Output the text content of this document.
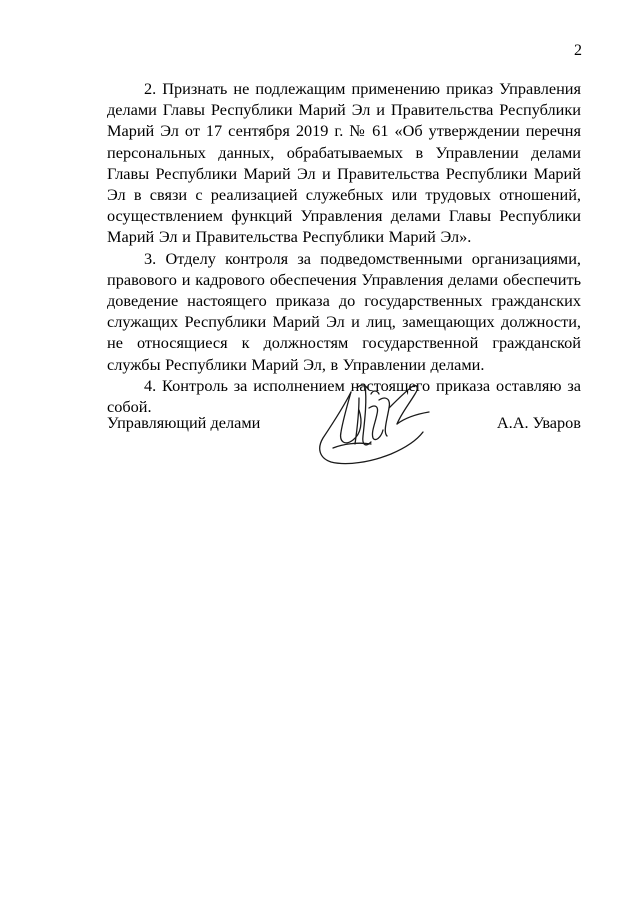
2

2. Признать не подлежащим применению приказ Управления делами Главы Республики Марий Эл и Правительства Республики Марий Эл от 17 сентября 2019 г. № 61 «Об утверждении перечня персональных данных, обрабатываемых в Управлении делами Главы Республики Марий Эл и Правительства Республики Марий Эл в связи с реализацией служебных или трудовых отношений, осуществлением функций Управления делами Главы Республики Марий Эл и Правительства Республики Марий Эл».

3. Отделу контроля за подведомственными организациями, правового и кадрового обеспечения Управления делами обеспечить доведение настоящего приказа до государственных гражданских служащих Республики Марий Эл и лиц, замещающих должности, не относящиеся к должностям государственной гражданской службы Республики Марий Эл, в Управлении делами.

4. Контроль за исполнением настоящего приказа оставляю за собой.

Управляющий делами	А.А. Уваров
